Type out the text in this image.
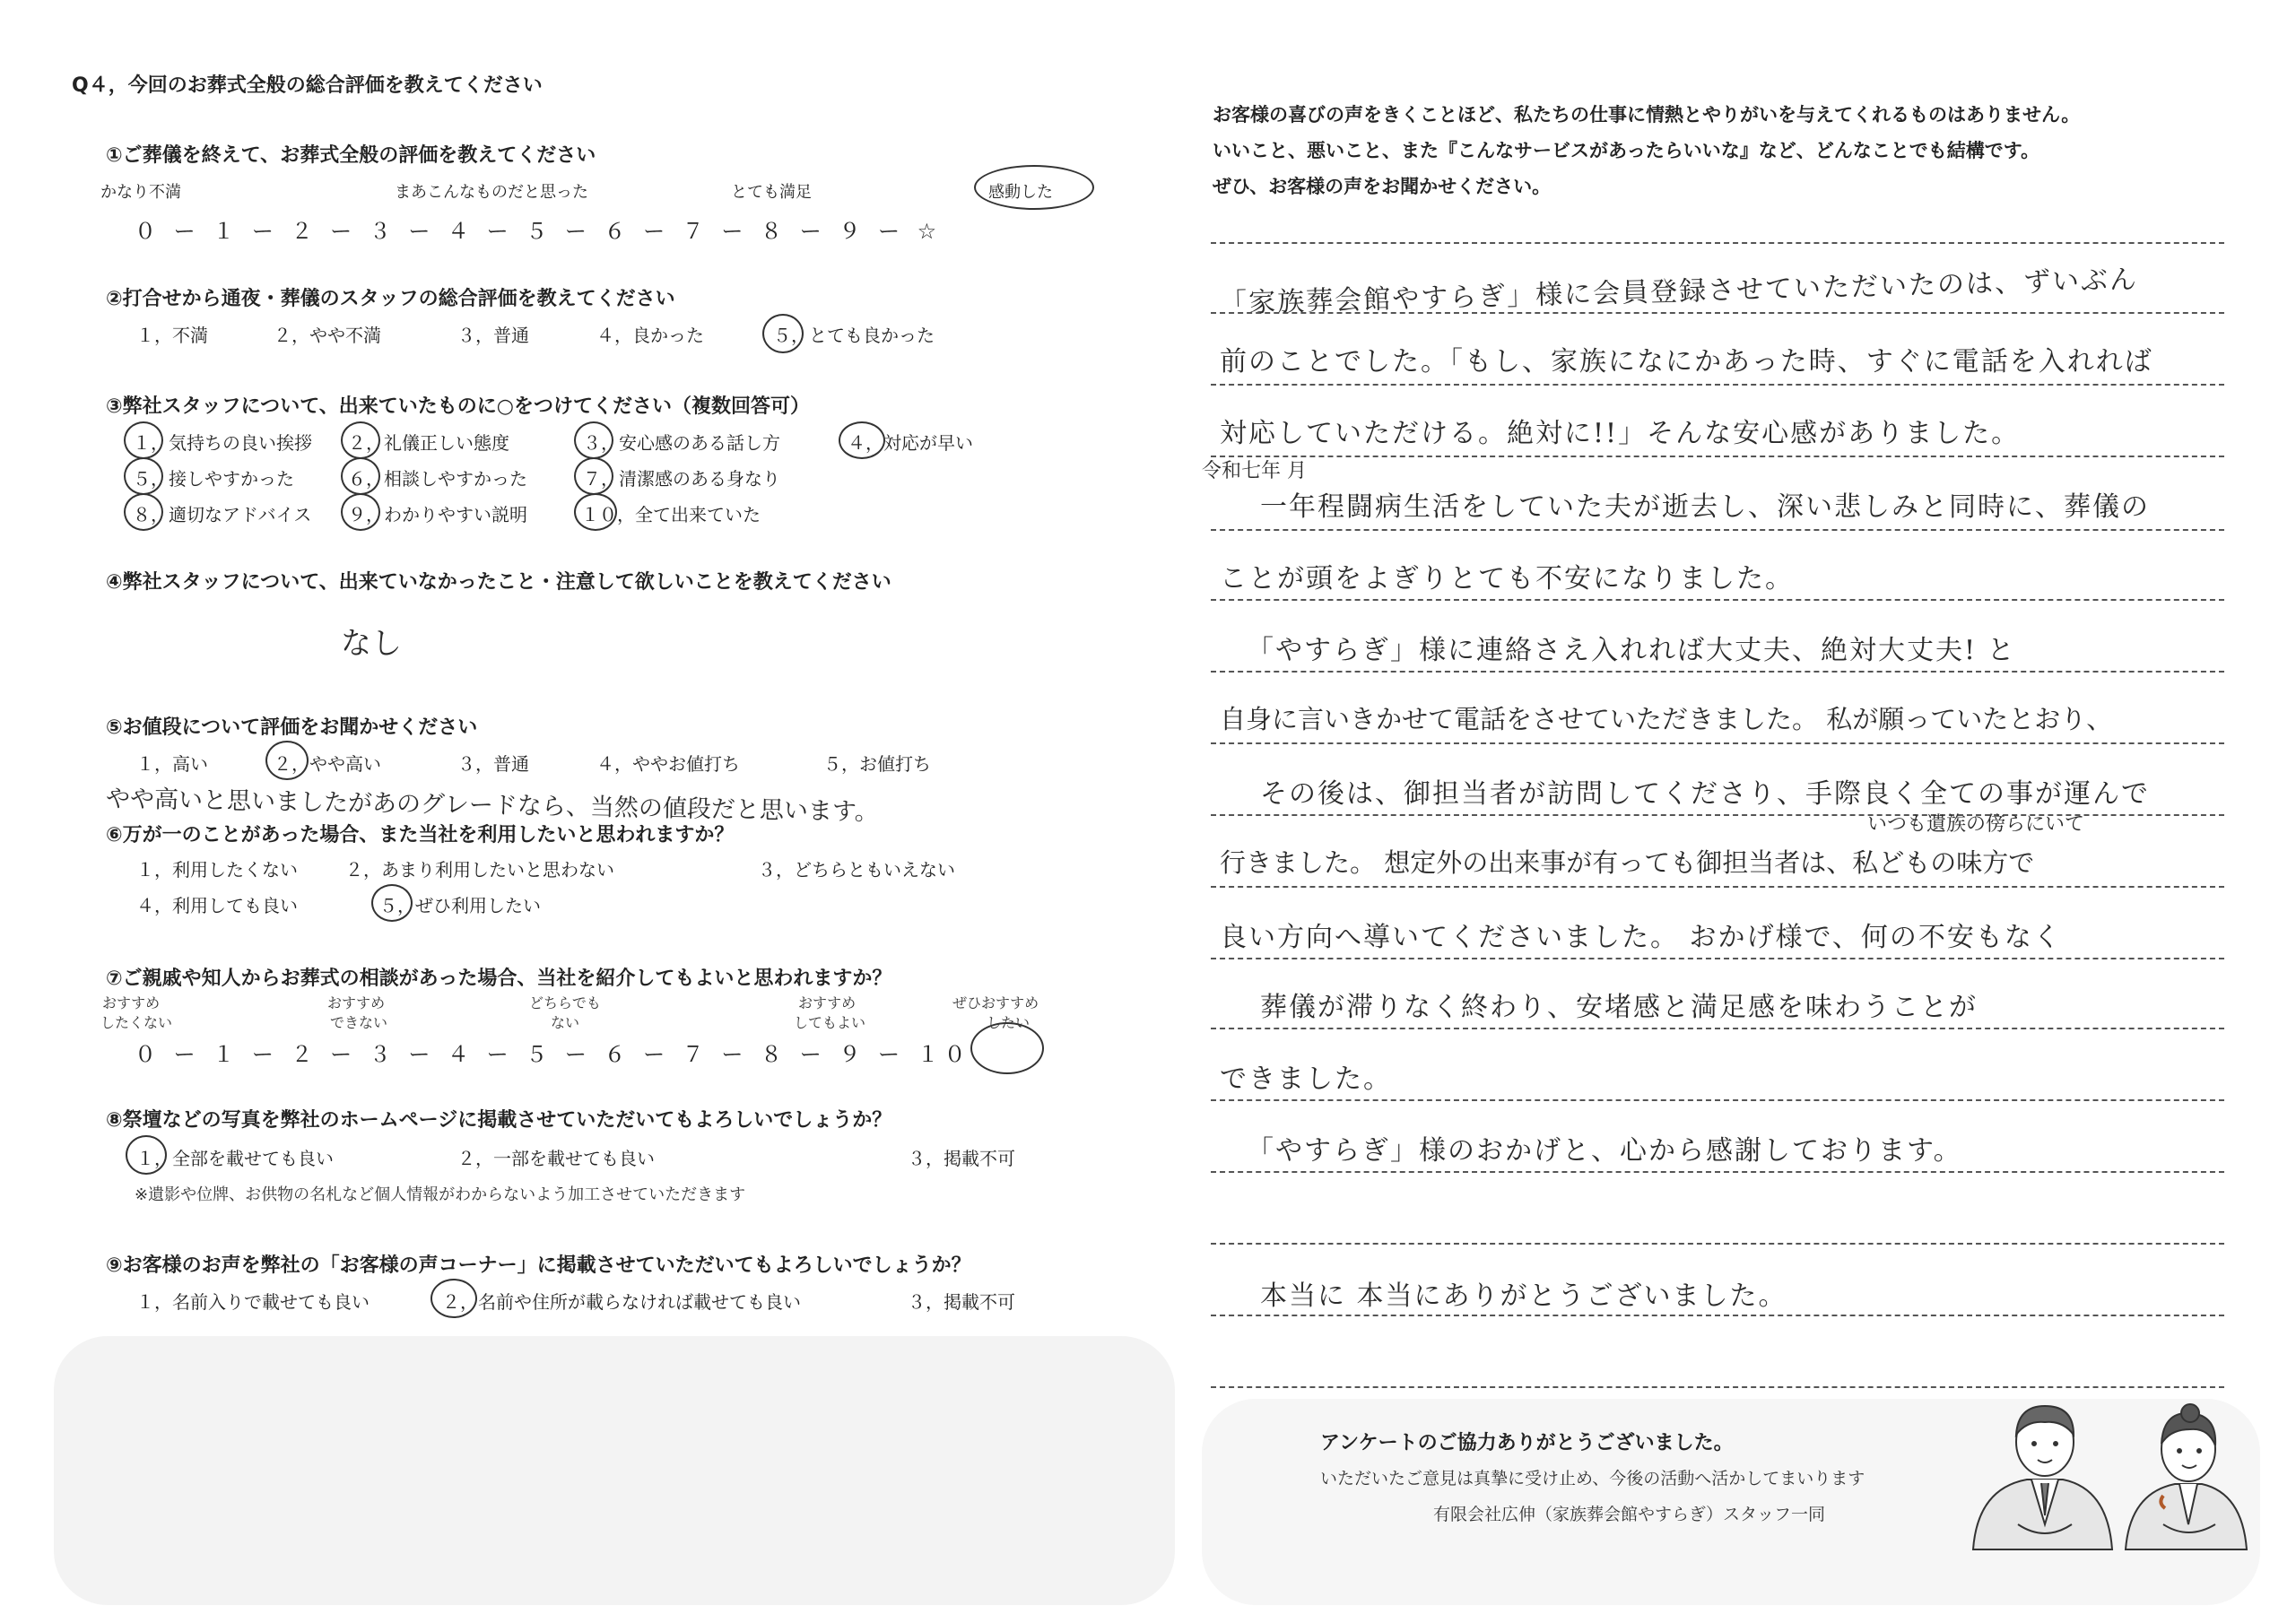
Q４，今回のお葬式全般の総合評価を教えてください
①ご葬儀を終えて、お葬式全般の評価を教えてください
かなり不満	まあこんなものだと思った	とても満足	感動した
０ ー １ ー ２ ー ３ ー ４ ー ５ ー ６ ー ７ ー ８ ー ９ ー ☆
②打合せから通夜・葬儀のスタッフの総合評価を教えてください
１，不満	２，やや不満	３，普通	４，良かった	５，とても良かった
③弊社スタッフについて、出来ていたものに○をつけてください（複数回答可）
１，気持ちの良い挨拶 ２，礼儀正しい態度	３，安心感のある話し方	４，対応が早い
５，接しやすかった	６，相談しやすかった	７，清潔感のある身なり
８，適切なアドバイス ９，わかりやすい説明	１０，全て出来ていた
④弊社スタッフについて、出来ていなかったこと・注意して欲しいことを教えてください
なし
⑤お値段について評価をお聞かせください
１，高い	２，やや高い	３，普通	４，ややお値打ち	５，お値打ち
やや高いと思いましたがあのグレードなら、当然の値段だと思います。
⑥万が一のことがあった場合、また当社を利用したいと思われますか？
１，利用したくない	２，あまり利用したいと思わない	３，どちらともいえない
４，利用しても良い	５，ぜひ利用したい
⑦ご親戚や知人からお葬式の相談があった場合、当社を紹介してもよいと思われますか？
おすすめ
したくない
おすすめ
できない
どちらでも
ない
おすすめ
してもよい
ぜひおすすめ
したい
０ ー １ ー ２ ー ３ ー ４ ー ５ ー ６ ー ７ ー ８ ー ９ ー １０
⑧祭壇などの写真を弊社のホームページに掲載させていただいてもよろしいでしょうか？
１，全部を載せても良い	２，一部を載せても良い	３，掲載不可
※遺影や位牌、お供物の名札など個人情報がわからないよう加工させていただきます
⑨お客様のお声を弊社の「お客様の声コーナー」に掲載させていただいてもよろしいでしょうか？
１，名前入りで載せても良い	２，名前や住所が載らなければ載せても良い	３，掲載不可
お客様の喜びの声をきくことほど、私たちの仕事に情熱とやりがいを与えてくれるものはありません。
いいこと、悪いこと、また『こんなサービスがあったらいいな』など、どんなことでも結構です。
ぜひ、お客様の声をお聞かせください。
「家族葬会館やすらぎ」様に会員登録させていただいたのは、ずいぶん
前のことでした。「もし、家族になにかあった時、すぐに電話を入れれば
対応していただける。絶対に!!」そんな安心感がありました。
令和七年 月
一年程闘病生活をしていた夫が逝去し、深い悲しみと同時に、葬儀の
ことが頭をよぎりとても不安になりました。
「やすらぎ」様に連絡さえ入れれば大丈夫、絶対大丈夫! と
自身に言いきかせて電話をさせていただきました。 私が願っていたとおり、
その後は、御担当者が訪問してくださり、手際良く全ての事が運んで
いつも遺族の傍らにいて
行きました。 想定外の出来事が有っても御担当者は、私どもの味方で
良い方向へ導いてくださいました。 おかげ様で、何の不安もなく
葬儀が滞りなく終わり、安堵感と満足感を味わうことが
できました。
「やすらぎ」様のおかげと、心から感謝しております。
本当に 本当にありがとうございました。
アンケートのご協力ありがとうございました。
いただいたご意見は真摯に受け止め、今後の活動へ活かしてまいります
有限会社広伸（家族葬会館やすらぎ）スタッフ一同
